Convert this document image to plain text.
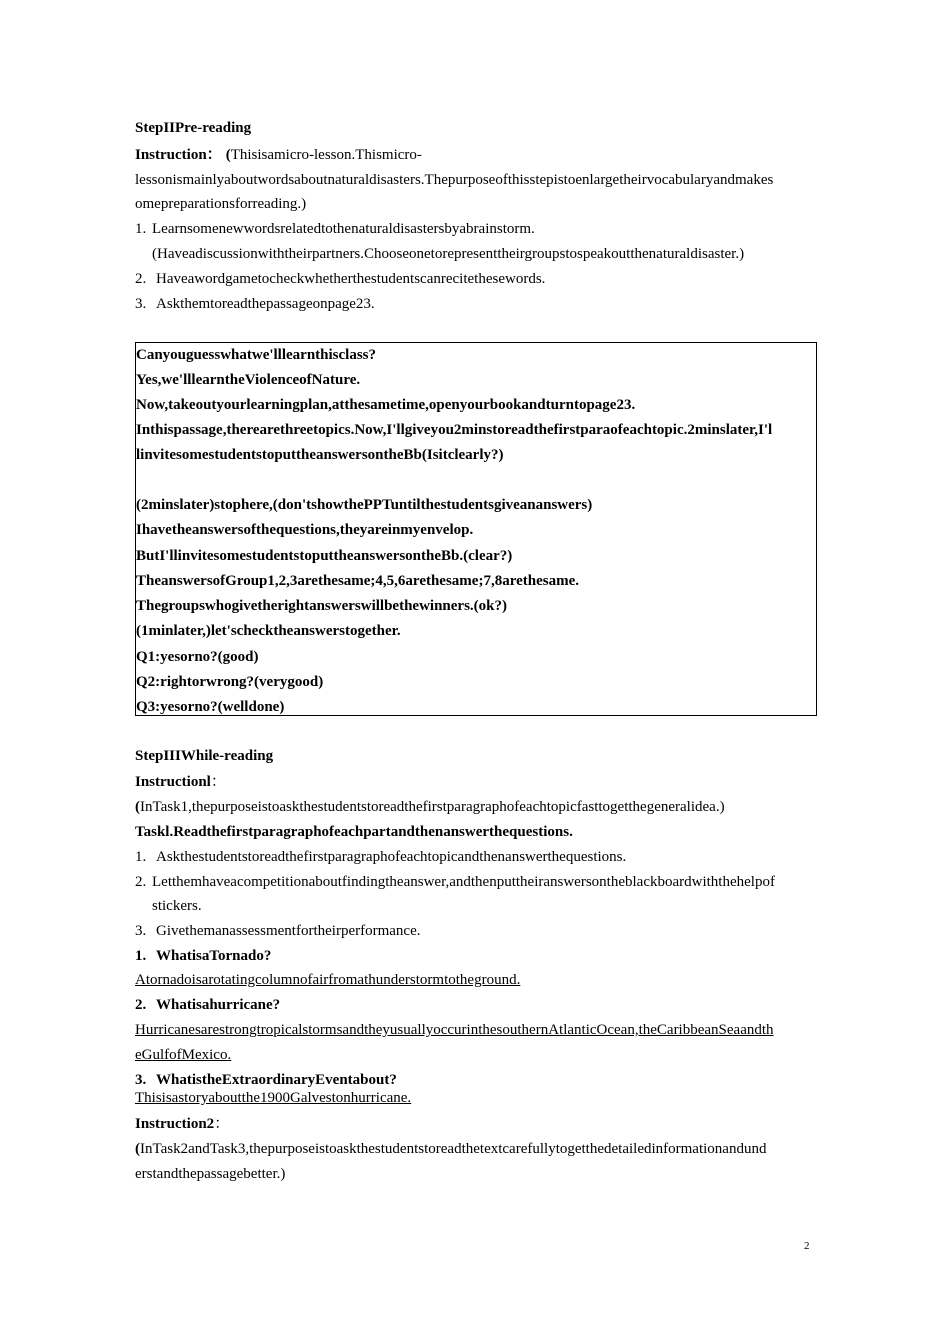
StepIIPre-reading
Instruction： (Thisisamicro-lesson.Thismicro-
lessonismainlyaboutwordsaboutnaturaldisasters.Thepurposeofthisstepistoenlargetheirvocabularyandmakes
omepreparationsforreading.)
1. Learnsomenewwordsrelatedtothenaturaldisastersbyabrainstorm.
(Haveadiscussionwiththeirpartners.Chooseonetorepresenttheirgroupstospeakoutthenaturaldisaster.)
2. Haveawordgametocheckwhetherthestudentscanrecitethesewords.
3. Askthemtoreadthepassageonpage23.
Canyouguesswhatwe'lllearnthisclass?
Yes,we'lllearntheViolenceofNature.
Now,takeoutyourlearningplan,atthesametime,openyourbookandturntopage23.
Inthispassage,therearethreetopics.Now,I'llgiveyou2minstoreadthefirstparaofeachtopic.2minslater,I'l
linvitesomestudentstoputtheanswersontheBb(Isitclearly?)
(2minslater)stophere,(don'tshowthePPTuntilthestudentsgiveananswers)
Ihavetheanswersofthequestions,theyareinmyenvelop.
ButI'llinvitesomestudentstoputtheanswersontheBb.(clear?)
TheanswersofGroup1,2,3arethesame;4,5,6arethesame;7,8arethesame.
Thegroupswhogivetherightanswerswillbethewinners.(ok?)
(1minlater,)let'schecktheanswerstogether.
Q1:yesorno?(good)
Q2:rightorwrong?(verygood)
Q3:yesorno?(welldone)
StepIIIWhile-reading
Instructionl：
(InTask1,thepurposeistoaskthestudentstoreadthefirstparagraphofeachtopicfasttogetthegeneralidea.)
Taskl.Readthefirstparagraphofeachpartandthenanswerthequestions.
1. Askthestudentstoreadthefirstparagraphofeachtopicandthenanswerthequestions.
2. Letthemhaveacompetitionaboutfindingtheanswer,andthenputtheiranswersontheblackboardwiththehelpof
stickers.
3. Givethemanassessmentfortheirperformance.
1. WhatisaTornado?
Atornadoisarotatingcolumnofairfromathunderstormtotheground.
2. Whatisahurricane?
HurricanesarestrongtropicalstormsandtheyusuallyoccurinthesouthernAtlanticOcean,theCaribbeanSeaandth
eGulfofMexico.
3. WhatistheExtraordinaryEventabout?
Thisisastoryaboutthe1900Galvestonhurricane.
Instruction2：
(InTask2andTask3,thepurposeistoaskthestudentstoreadthetextcarefullytogetthedetailedinformationandund
erstandthepassagebetter.)
2
